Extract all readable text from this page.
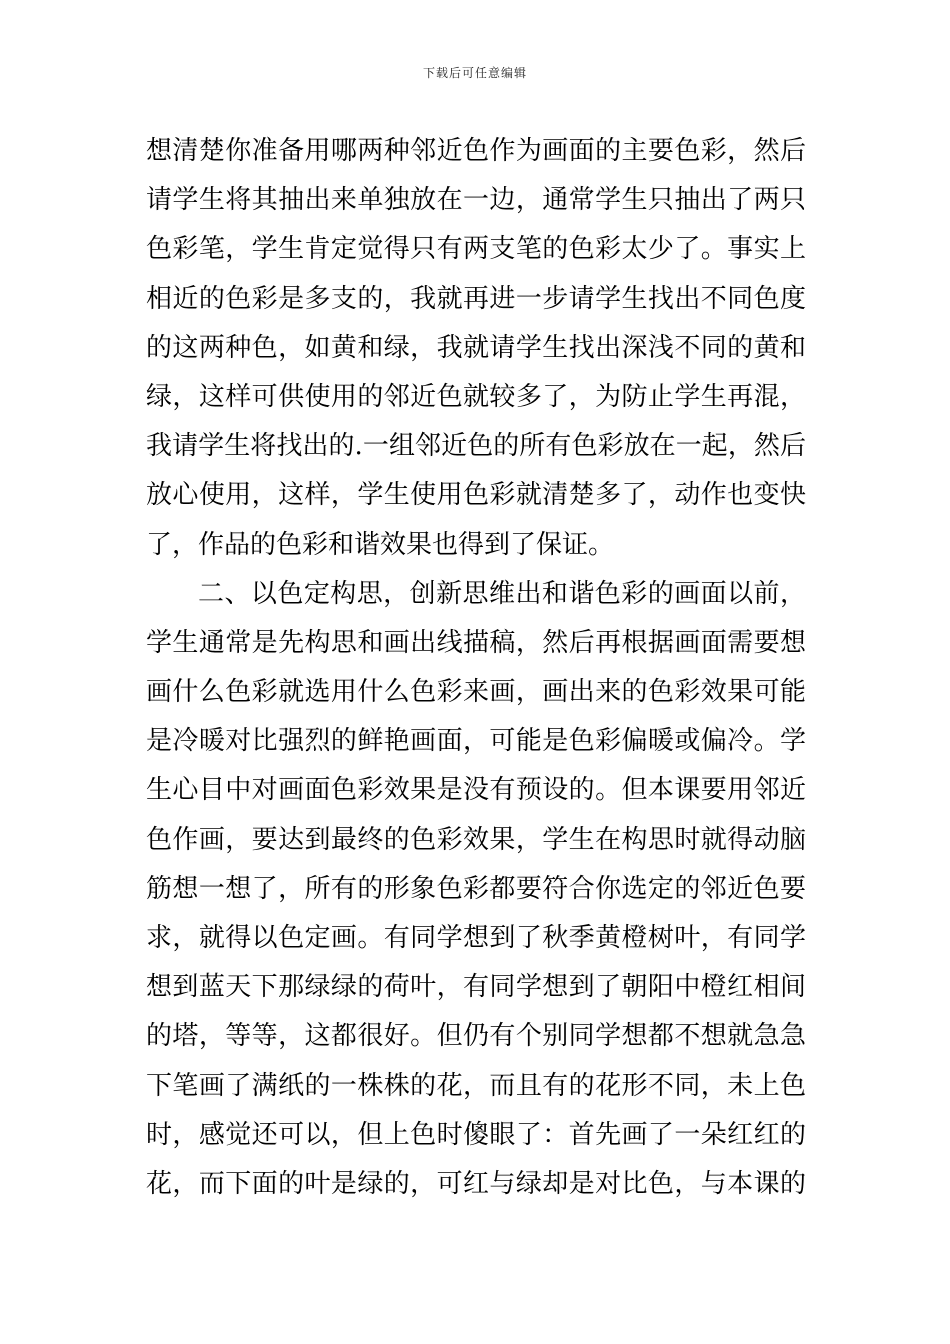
下载后可任意编辑
想清楚你准备用哪两种邻近色作为画面的主要色彩，然后
请学生将其抽出来单独放在一边，通常学生只抽出了两只
色彩笔，学生肯定觉得只有两支笔的色彩太少了。事实上
相近的色彩是多支的，我就再进一步请学生找出不同色度
的这两种色，如黄和绿，我就请学生找出深浅不同的黄和
绿，这样可供使用的邻近色就较多了，为防止学生再混，
我请学生将找出的.一组邻近色的所有色彩放在一起，然后
放心使用，这样，学生使用色彩就清楚多了，动作也变快
了，作品的色彩和谐效果也得到了保证。
二、以色定构思，创新思维出和谐色彩的画面以前，
学生通常是先构思和画出线描稿，然后再根据画面需要想
画什么色彩就选用什么色彩来画，画出来的色彩效果可能
是冷暖对比强烈的鲜艳画面，可能是色彩偏暖或偏冷。学
生心目中对画面色彩效果是没有预设的。但本课要用邻近
色作画，要达到最终的色彩效果，学生在构思时就得动脑
筋想一想了，所有的形象色彩都要符合你选定的邻近色要
求，就得以色定画。有同学想到了秋季黄橙树叶，有同学
想到蓝天下那绿绿的荷叶，有同学想到了朝阳中橙红相间
的塔，等等，这都很好。但仍有个别同学想都不想就急急
下笔画了满纸的一株株的花，而且有的花形不同，未上色
时，感觉还可以，但上色时傻眼了：首先画了一朵红红的
花，而下面的叶是绿的，可红与绿却是对比色，与本课的
